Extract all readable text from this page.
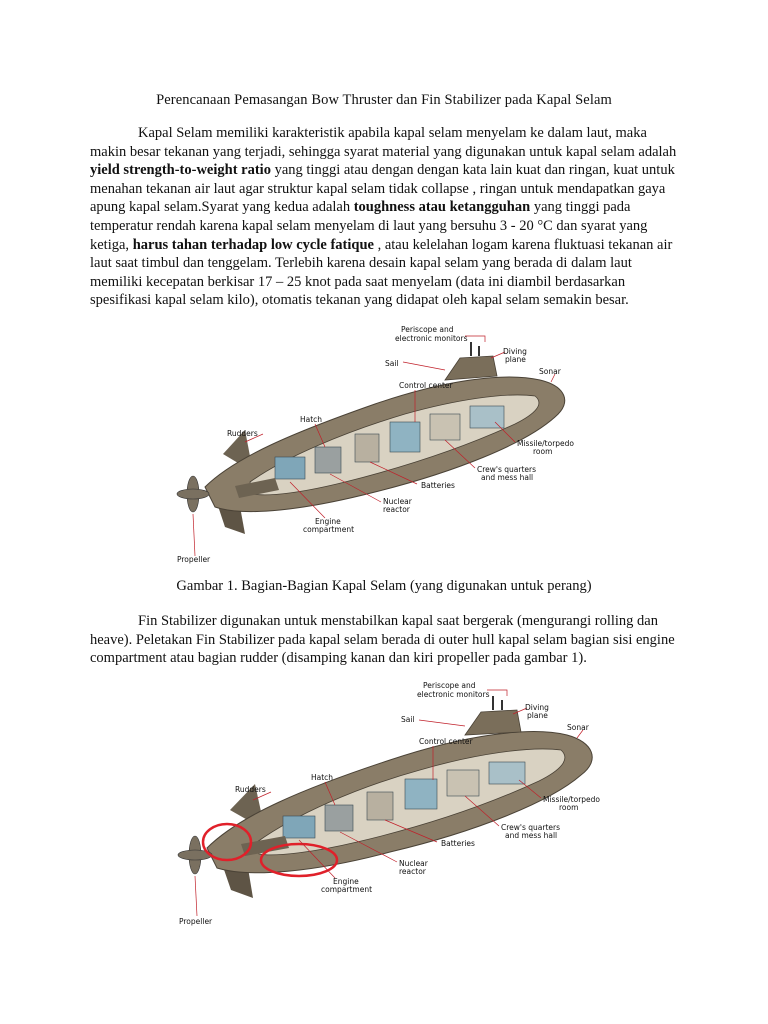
Perencanaan Pemasangan Bow Thruster dan Fin Stabilizer pada Kapal Selam

Kapal Selam memiliki karakteristik apabila kapal selam menyelam ke dalam laut, maka makin besar tekanan yang terjadi, sehingga syarat material yang digunakan untuk kapal selam adalah yield strength-to-weight ratio yang tinggi atau dengan dengan kata lain kuat dan ringan, kuat untuk menahan tekanan air laut agar struktur kapal selam tidak collapse , ringan untuk mendapatkan gaya apung kapal selam.Syarat yang kedua adalah toughness atau ketangguhan yang tinggi pada temperatur rendah karena kapal selam menyelam di laut yang bersuhu 3 - 20 °C dan syarat yang ketiga, harus tahan terhadap low cycle fatique , atau kelelahan logam karena fluktuasi tekanan air laut saat timbul dan tenggelam. Terlebih karena desain kapal selam yang berada di dalam laut memiliki kecepatan berkisar 17 – 25 knot pada saat menyelam (data ini diambil berdasarkan spesifikasi kapal selam kilo), otomatis tekanan yang didapat oleh kapal selam semakin besar.

Periscope and
electronic monitors
Diving
plane
Sail
Sonar
Control center
Hatch
Rudders
Missile/torpedo
room
Crew's quarters
and mess hall
Batteries
Nuclear
reactor
Engine
compartment
Propeller
Gambar 1. Bagian-Bagian Kapal Selam (yang digunakan untuk perang)

Fin Stabilizer digunakan untuk menstabilkan kapal saat bergerak (mengurangi rolling dan heave). Peletakan Fin Stabilizer pada kapal selam berada di outer hull kapal selam bagian sisi engine compartment atau bagian rudder (disamping kanan dan kiri propeller pada gambar 1).

Periscope and
electronic monitors
Diving
plane
Sail
Sonar
Control center
Hatch
Rudders
Missile/torpedo
room
Crew's quarters
and mess hall
Batteries
Nuclear
reactor
Engine
compartment
Propeller
